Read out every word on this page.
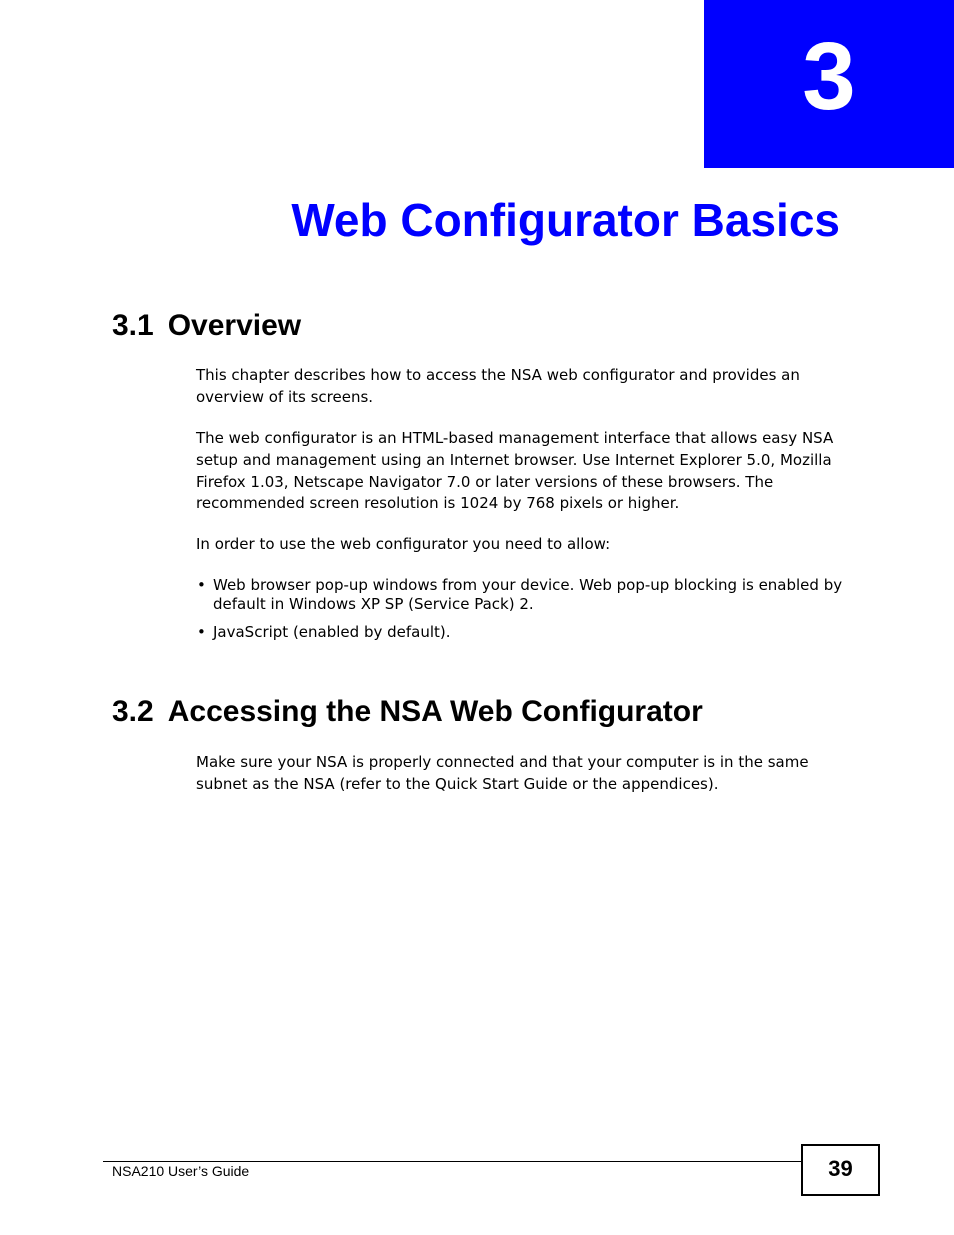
3
Web Configurator Basics
3.1 Overview

This chapter describes how to access the NSA web configurator and provides an overview of its screens.

The web configurator is an HTML-based management interface that allows easy NSA setup and management using an Internet browser. Use Internet Explorer 5.0, Mozilla Firefox 1.03, Netscape Navigator 7.0 or later versions of these browsers. The recommended screen resolution is 1024 by 768 pixels or higher.

In order to use the web configurator you need to allow:

• Web browser pop-up windows from your device. Web pop-up blocking is enabled by default in Windows XP SP (Service Pack) 2.
• JavaScript (enabled by default).
3.2 Accessing the NSA Web Configurator

Make sure your NSA is properly connected and that your computer is in the same subnet as the NSA (refer to the Quick Start Guide or the appendices).

NSA210 User’s Guide	39
